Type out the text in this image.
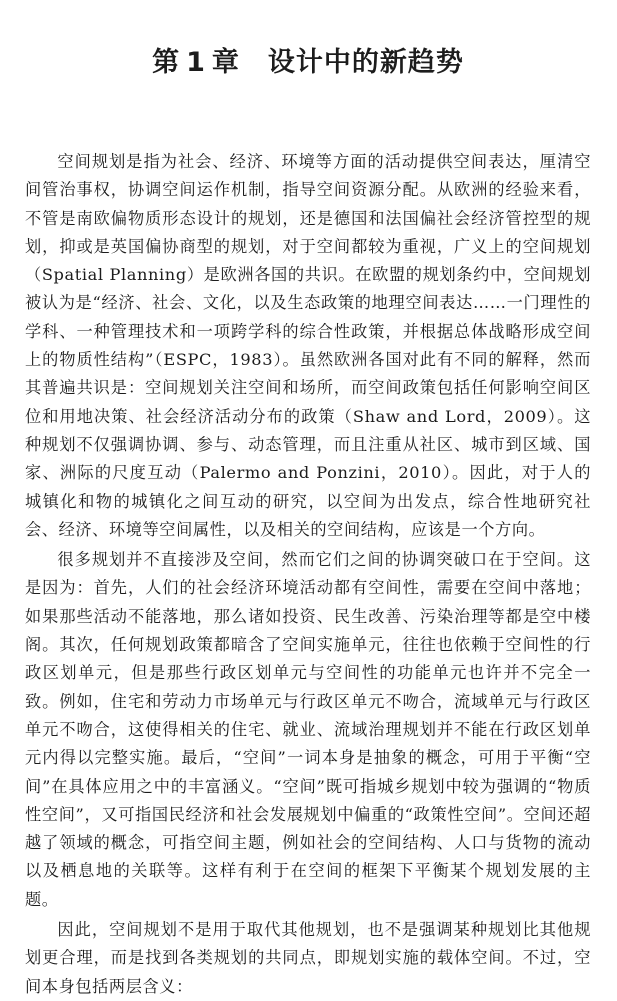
第 1 章 设计中的新趋势

空间规划是指为社会、经济、环境等方面的活动提供空间表达，厘清空间管治事权，协调空间运作机制，指导空间资源分配。从欧洲的经验来看，不管是南欧偏物质形态设计的规划，还是德国和法国偏社会经济管控型的规划，抑或是英国偏协商型的规划，对于空间都较为重视，广义上的空间规划（Spatial Planning）是欧洲各国的共识。在欧盟的规划条约中，空间规划被认为是“经济、社会、文化，以及生态政策的地理空间表达……一门理性的学科、一种管理技术和一项跨学科的综合性政策，并根据总体战略形成空间上的物质性结构”（ESPC，1983）。虽然欧洲各国对此有不同的解释，然而其普遍共识是：空间规划关注空间和场所，而空间政策包括任何影响空间区位和用地决策、社会经济活动分布的政策（Shaw and Lord，2009）。这种规划不仅强调协调、参与、动态管理，而且注重从社区、城市到区域、国家、洲际的尺度互动（Palermo and Ponzini，2010）。因此，对于人的城镇化和物的城镇化之间互动的研究，以空间为出发点，综合性地研究社会、经济、环境等空间属性，以及相关的空间结构，应该是一个方向。

很多规划并不直接涉及空间，然而它们之间的协调突破口在于空间。这是因为：首先，人们的社会经济环境活动都有空间性，需要在空间中落地；如果那些活动不能落地，那么诸如投资、民生改善、污染治理等都是空中楼阁。其次，任何规划政策都暗含了空间实施单元，往往也依赖于空间性的行政区划单元，但是那些行政区划单元与空间性的功能单元也许并不完全一致。例如，住宅和劳动力市场单元与行政区单元不吻合，流域单元与行政区单元不吻合，这使得相关的住宅、就业、流域治理规划并不能在行政区划单元内得以完整实施。最后，“空间”一词本身是抽象的概念，可用于平衡“空间”在具体应用之中的丰富涵义。“空间”既可指城乡规划中较为强调的“物质性空间”，又可指国民经济和社会发展规划中偏重的“政策性空间”。空间还超越了领域的概念，可指空间主题，例如社会的空间结构、人口与货物的流动以及栖息地的关联等。这样有利于在空间的框架下平衡某个规划发展的主题。

因此，空间规划不是用于取代其他规划，也不是强调某种规划比其他规划更合理，而是找到各类规划的共同点，即规划实施的载体空间。不过，空间本身包括两层含义：
